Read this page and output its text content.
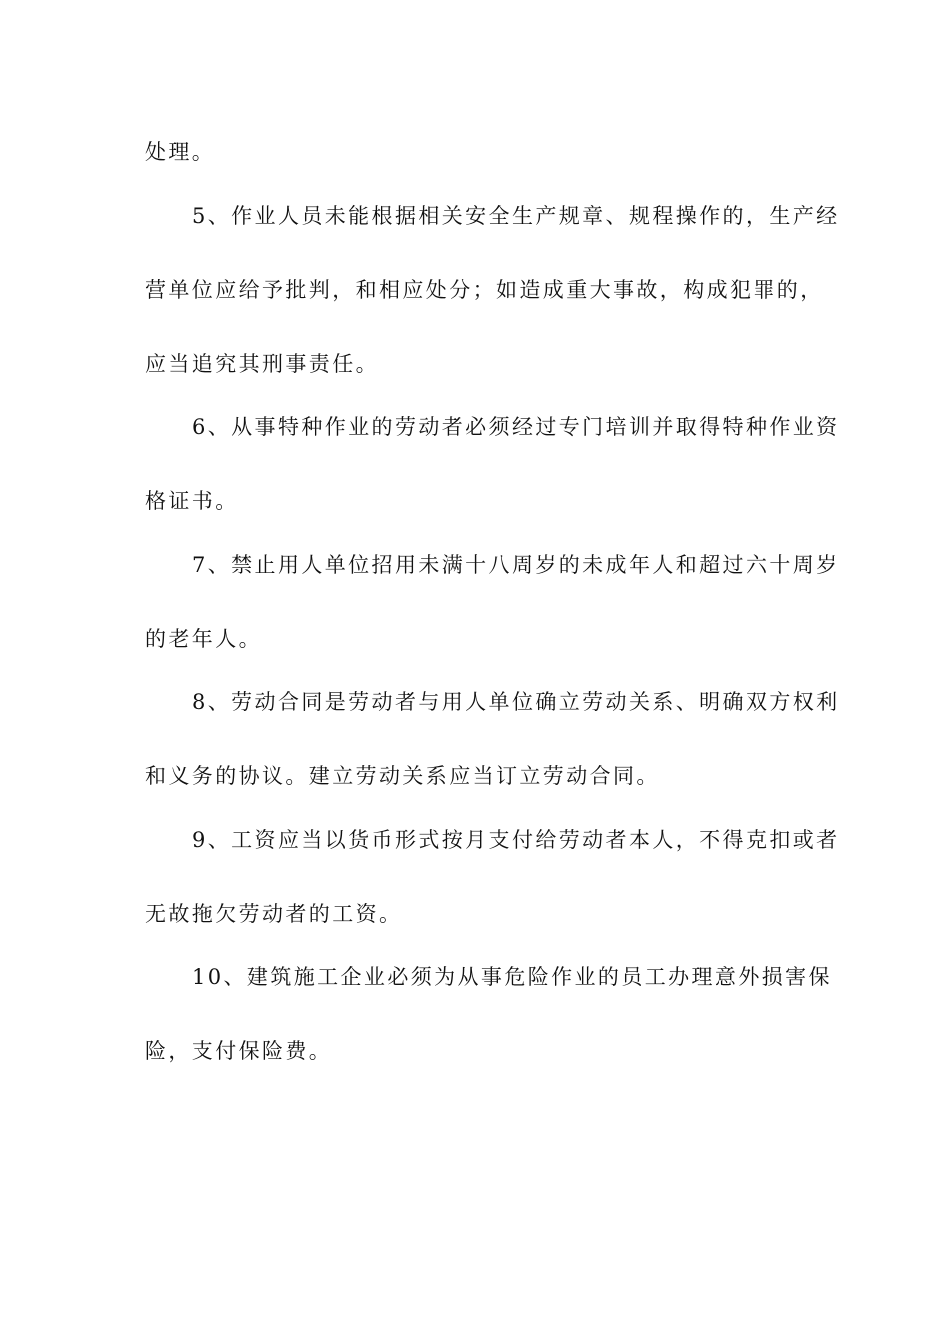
处理。
5、作业人员未能根据相关安全生产规章、规程操作的，生产经
营单位应给予批判，和相应处分；如造成重大事故，构成犯罪的，
应当追究其刑事责任。
6、从事特种作业的劳动者必须经过专门培训并取得特种作业资
格证书。
7、禁止用人单位招用未满十八周岁的未成年人和超过六十周岁
的老年人。
8、劳动合同是劳动者与用人单位确立劳动关系、明确双方权利
和义务的协议。建立劳动关系应当订立劳动合同。
9、工资应当以货币形式按月支付给劳动者本人，不得克扣或者
无故拖欠劳动者的工资。
10、建筑施工企业必须为从事危险作业的员工办理意外损害保
险，支付保险费。
